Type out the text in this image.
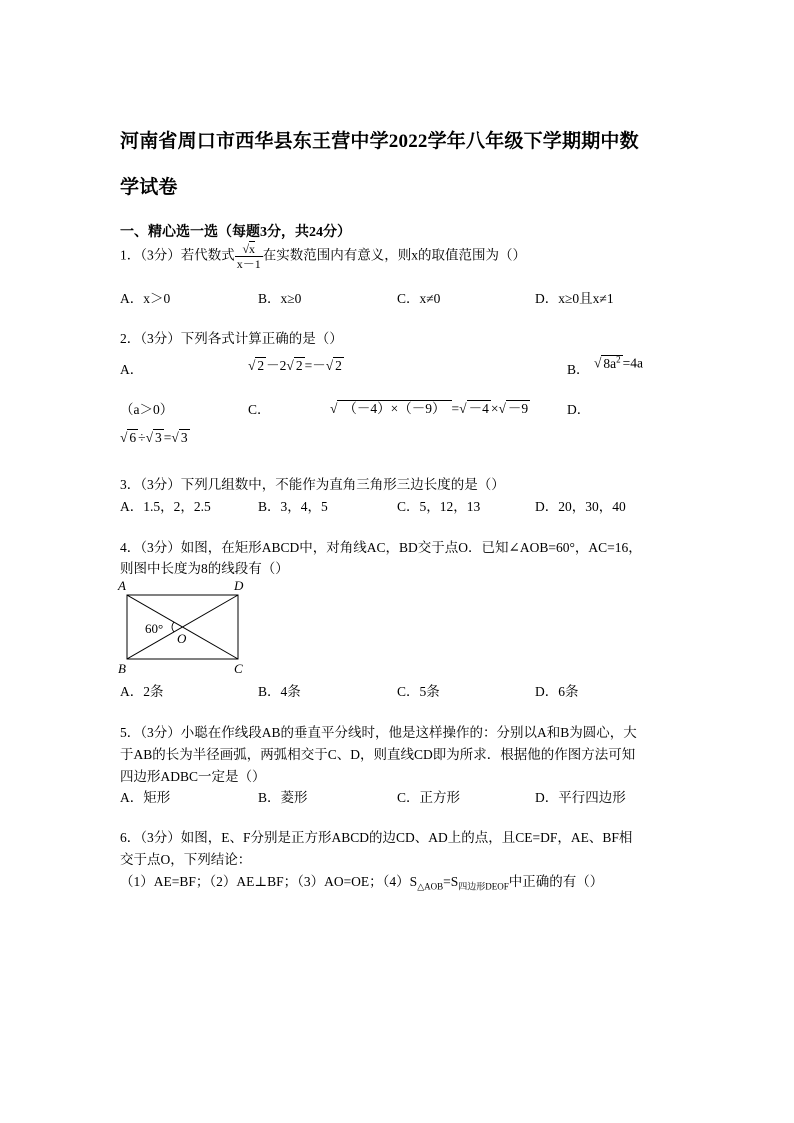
河南省周口市西华县东王营中学2022学年八年级下学期期中数
学试卷
一、精心选一选（每题3分，共24分）
1．（3分）若代数式 $\frac{√x}{x-1}$ 在实数范围内有意义，则x的取值范围为（）
A．x＞0	B．x≥0	C．x≠0	D．x≥0且x≠1
2．（3分）下列各式计算正确的是（）
A．	√ 2 －2√ 2 =－√ 2	B． √ $8a^2 =4a$
（a＞0）	C．	√ （－4）×（－9） =√ －4 ×√ －9	D．
√ 6 ÷√ 3 =√ 3
3．（3分）下列几组数中，不能作为直角三角形三边长度的是（）
A．1.5，2，2.5	B．3，4，5	C．5，12，13	D．20，30，40
4．（3分）如图，在矩形ABCD中，对角线AC，BD交于点O．已知∠AOB=60°，AC=16，
则图中长度为8的线段有（）
A	D
B	C
O
60°
A．2条	B．4条	C．5条	D．6条
5．（3分）小聪在作线段AB的垂直平分线时，他是这样操作的：分别以A和B为圆心，大
于AB的长为半径画弧，两弧相交于C、D，则直线CD即为所求．根据他的作图方法可知
四边形ADBC一定是（）
A．矩形	B．菱形	C．正方形	D．平行四边形
6．（3分）如图，E、F分别是正方形ABCD的边CD、AD上的点，且CE=DF，AE、BF相
交于点O，下列结论：
（1）AE=BF；（2）AE⊥BF；（3）AO=OE；$(4)S_{\triangle AOB}=S_{四边形DEOF}$中正确的有（）
